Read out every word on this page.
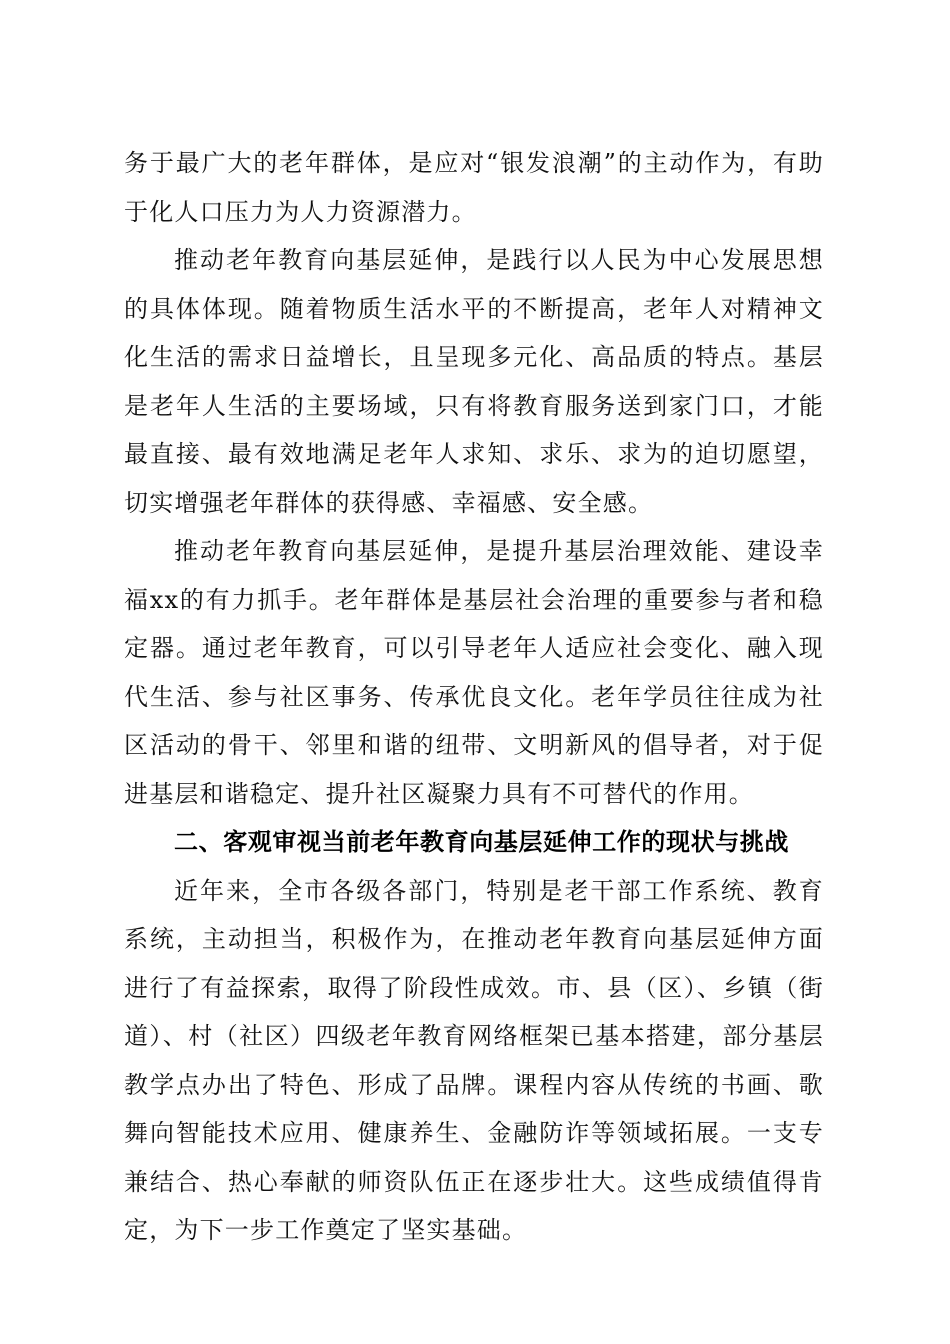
务于最广大的老年群体，是应对“银发浪潮”的主动作为，有助于化人口压力为人力资源潜力。

推动老年教育向基层延伸，是践行以人民为中心发展思想的具体体现。随着物质生活水平的不断提高，老年人对精神文化生活的需求日益增长，且呈现多元化、高品质的特点。基层是老年人生活的主要场域，只有将教育服务送到家门口，才能最直接、最有效地满足老年人求知、求乐、求为的迫切愿望，切实增强老年群体的获得感、幸福感、安全感。

推动老年教育向基层延伸，是提升基层治理效能、建设幸福xx的有力抓手。老年群体是基层社会治理的重要参与者和稳定器。通过老年教育，可以引导老年人适应社会变化、融入现代生活、参与社区事务、传承优良文化。老年学员往往成为社区活动的骨干、邻里和谐的纽带、文明新风的倡导者，对于促进基层和谐稳定、提升社区凝聚力具有不可替代的作用。

二、客观审视当前老年教育向基层延伸工作的现状与挑战

近年来，全市各级各部门，特别是老干部工作系统、教育系统，主动担当，积极作为，在推动老年教育向基层延伸方面进行了有益探索，取得了阶段性成效。市、县（区）、乡镇（街道）、村（社区）四级老年教育网络框架已基本搭建，部分基层教学点办出了特色、形成了品牌。课程内容从传统的书画、歌舞向智能技术应用、健康养生、金融防诈等领域拓展。一支专兼结合、热心奉献的师资队伍正在逐步壮大。这些成绩值得肯定，为下一步工作奠定了坚实基础。
